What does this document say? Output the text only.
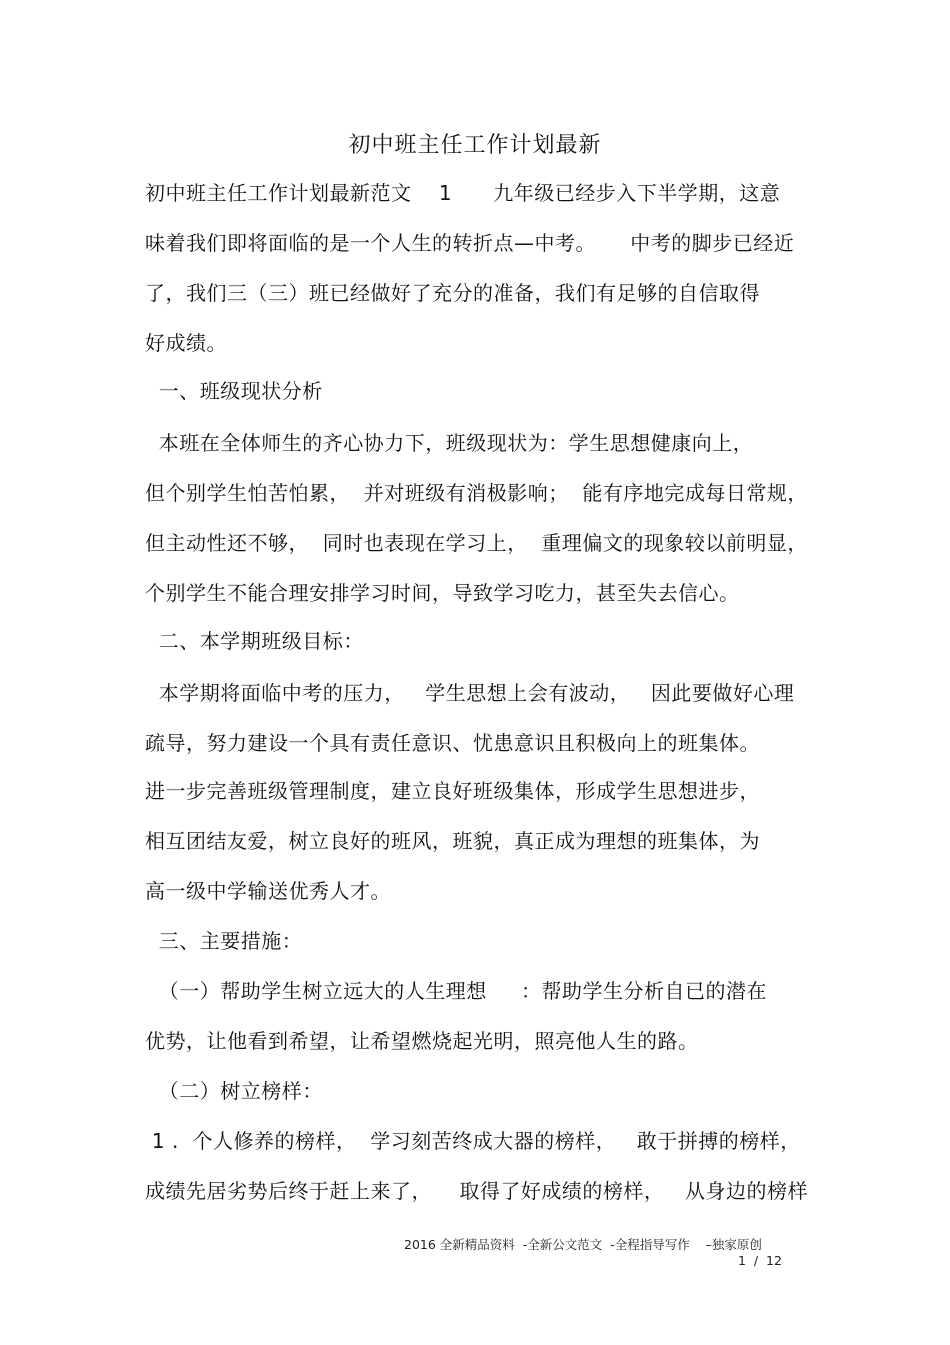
初中班主任工作计划最新
初中班主任工作计划最新范文    1      九年级已经步入下半学期，这意
味着我们即将面临的是一个人生的转折点—中考。     中考的脚步已经近
了，我们三（三）班已经做好了充分的准备，我们有足够的自信取得
好成绩。
一、班级现状分析
本班在全体师生的齐心协力下，班级现状为：学生思想健康向上，
但个别学生怕苦怕累，  并对班级有消极影响；  能有序地完成每日常规，
但主动性还不够，  同时也表现在学习上，  重理偏文的现象较以前明显，
个别学生不能合理安排学习时间，导致学习吃力，甚至失去信心。
二、本学期班级目标：
本学期将面临中考的压力，   学生思想上会有波动，   因此要做好心理
疏导，努力建设一个具有责任意识、忧患意识且积极向上的班集体。
进一步完善班级管理制度，建立良好班级集体，形成学生思想进步，
相互团结友爱，树立良好的班风，班貌，真正成为理想的班集体，为
高一级中学输送优秀人才。
三、主要措施：
（一）帮助学生树立远大的人生理想     ：帮助学生分析自已的潜在
优势，让他看到希望，让希望燃烧起光明，照亮他人生的路。
（二）树立榜样：
1 .  个人修养的榜样，  学习刻苦终成大器的榜样，   敢于拼搏的榜样，
成绩先居劣势后终于赶上来了，    取得了好成绩的榜样，   从身边的榜样
2016 全新精品资料  -全新公文范文  -全程指导写作    –独家原创
1  /  12
